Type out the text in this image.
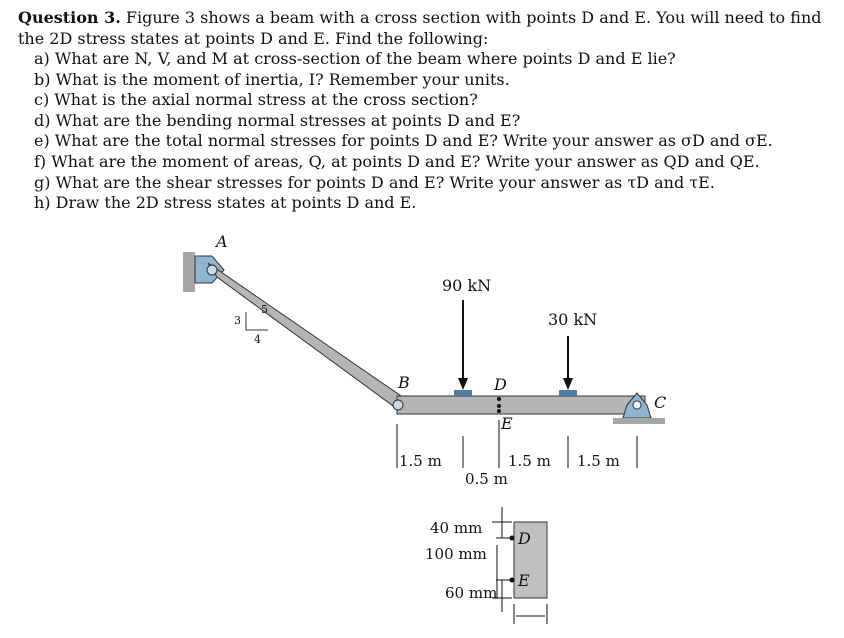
Question 3. Figure 3 shows a beam with a cross section with points D and E. You will need to find the 2D stress states at points D and E. Find the following:
a) What are N, V, and M at cross-section of the beam where points D and E lie?
b) What is the moment of inertia, I? Remember your units.
c) What is the axial normal stress at the cross section?
d) What are the bending normal stresses at points D and E?
e) What are the total normal stresses for points D and E? Write your answer as σD and σE.
f) What are the moment of areas, Q, at points D and E? Write your answer as QD and QE.
g) What are the shear stresses for points D and E? Write your answer as τD and τE.
h) Draw the 2D stress states at points D and E.
A
3
4
5
B
C
90 kN
30 kN
D
E
1.5 m	1.5 m 1.5 m
0.5 m
D
E
40 mm
100 mm
60 mm
